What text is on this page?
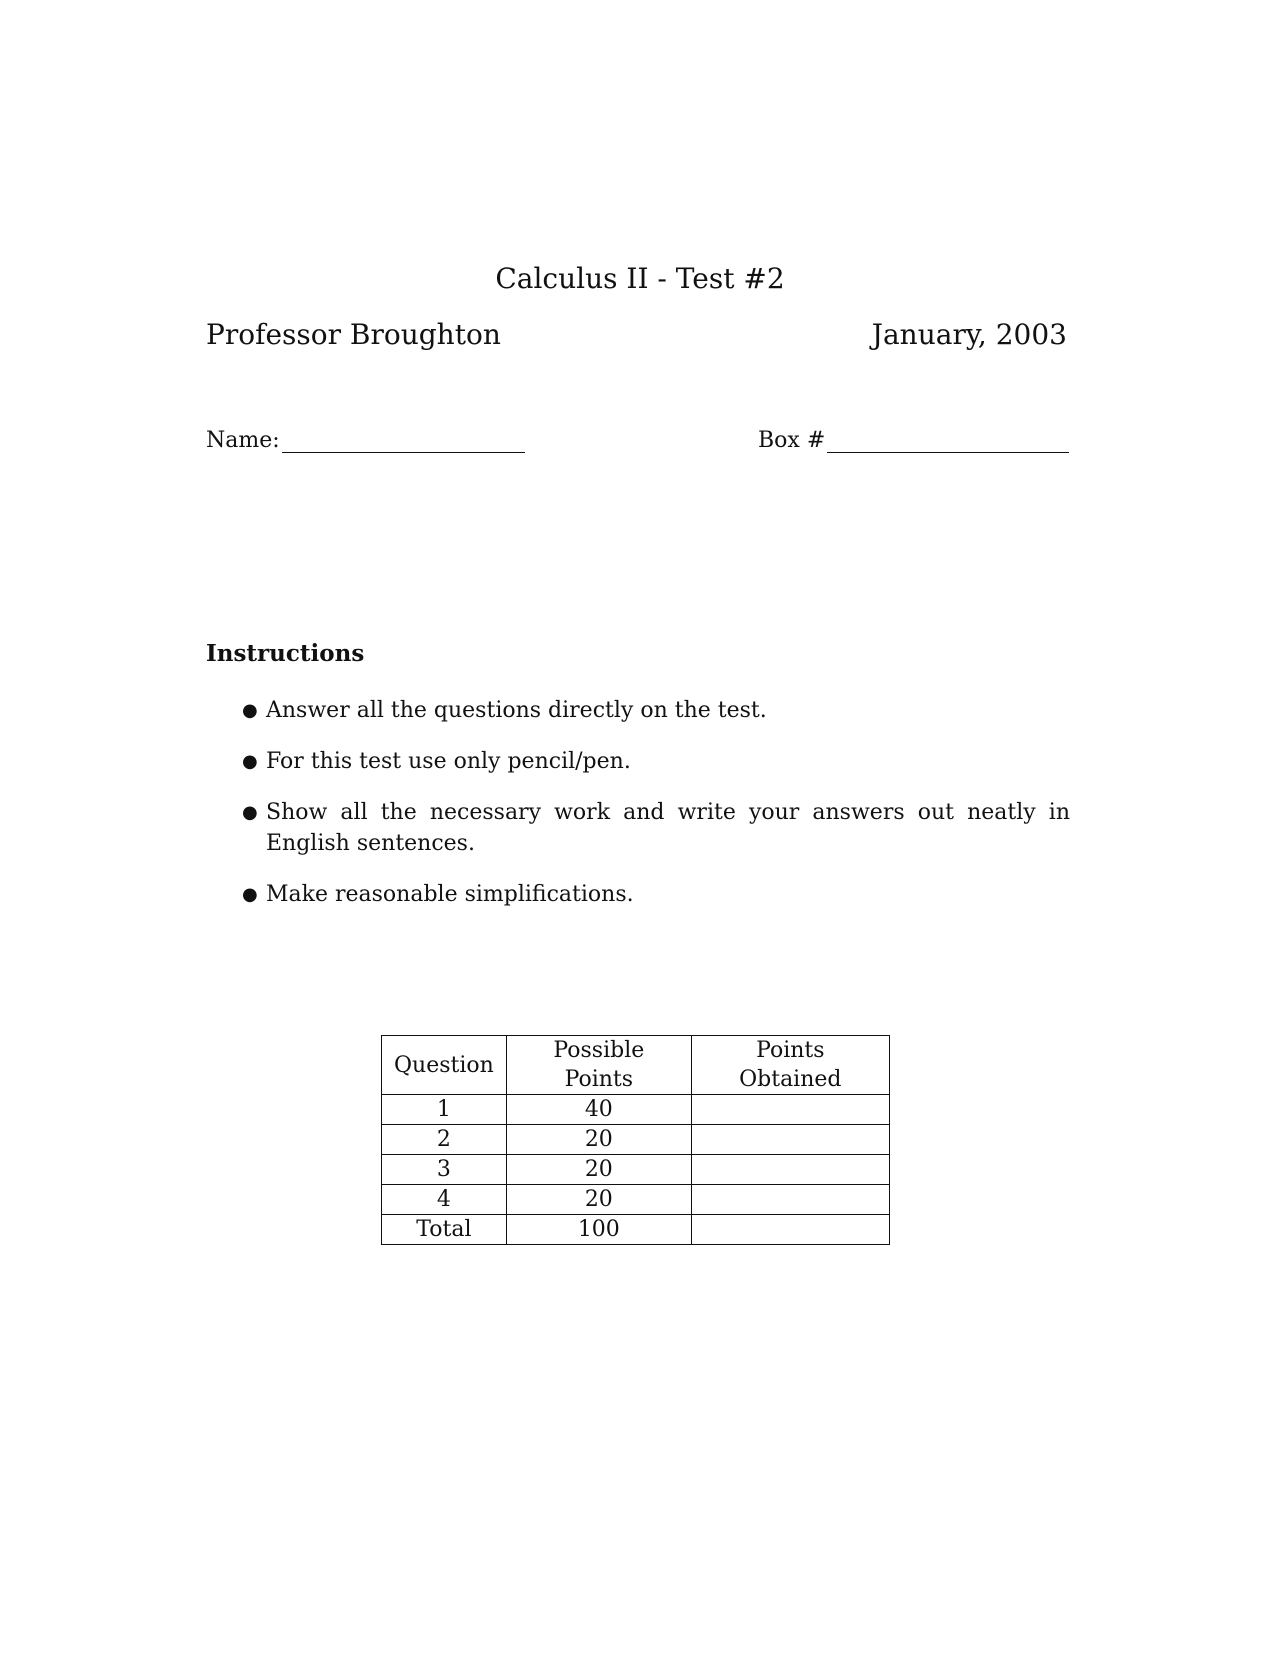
Calculus II - Test #2
Professor Broughton	January, 2003
Name:	Box #
Instructions
● Answer all the questions directly on the test.
● For this test use only pencil/pen.
● Show all the necessary work and write your answers out neatly in English sentences.
● Make reasonable simplifications.
Question	Possible Points	Points Obtained
1	40	
2	20	
3	20	
4	20	
Total	100	
